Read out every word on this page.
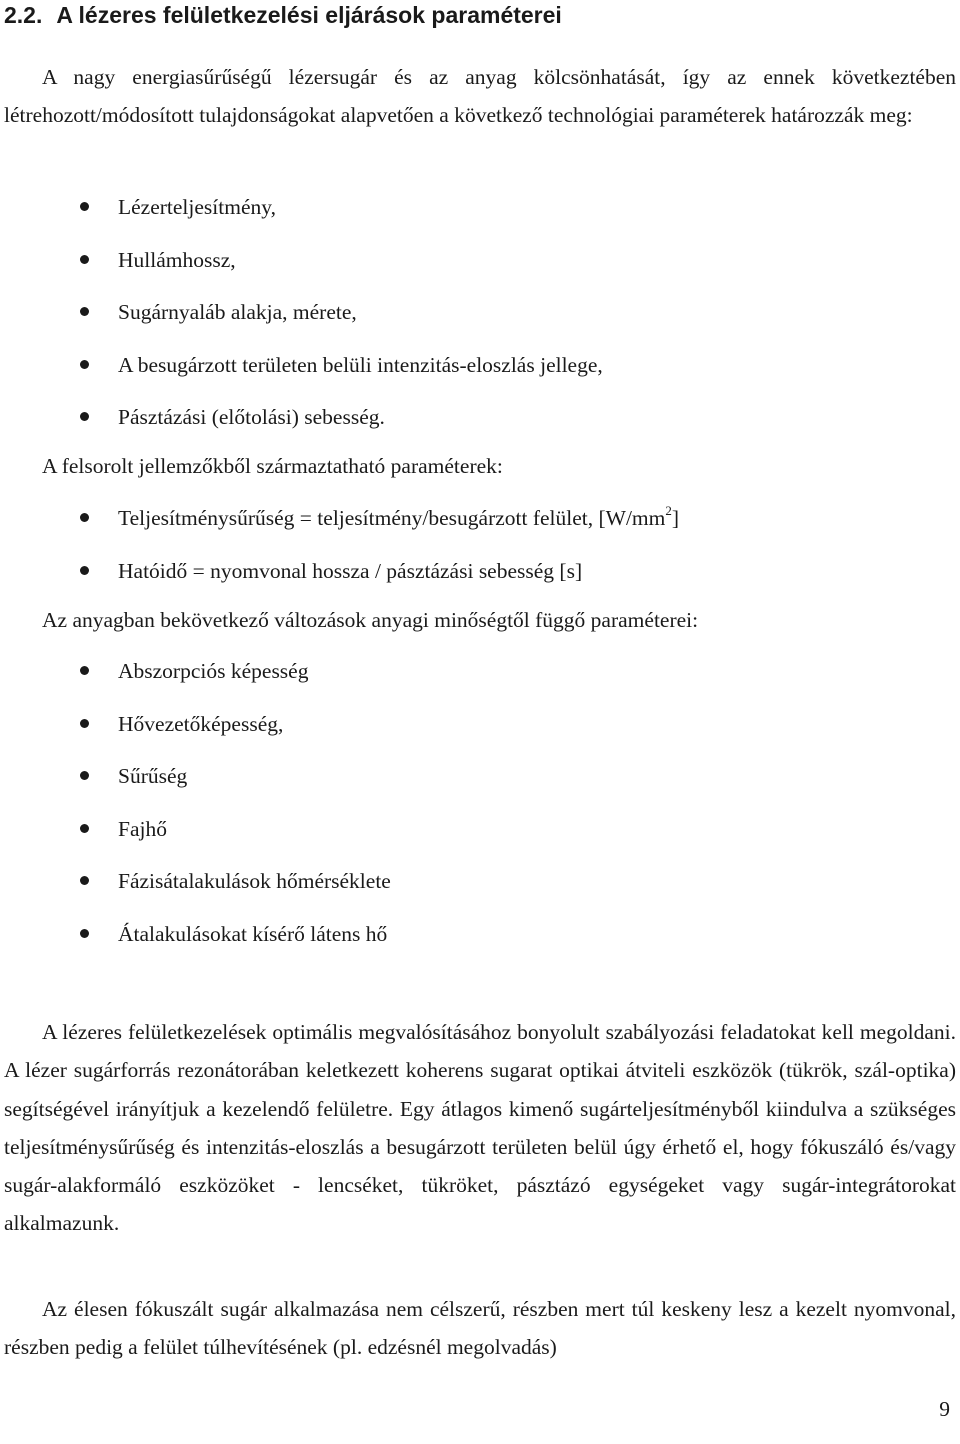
2.2. A lézeres felületkezelési eljárások paraméterei
A nagy energiasűrűségű lézersugár és az anyag kölcsönhatását, így az ennek következtében létrehozott/módosított tulajdonságokat alapvetően a következő technológiai paraméterek határozzák meg:
Lézerteljesítmény,
Hullámhossz,
Sugárnyaláb alakja, mérete,
A besugárzott területen belüli intenzitás-eloszlás jellege,
Pásztázási (előtolási) sebesség.
A felsorolt jellemzőkből származtatható paraméterek:
Teljesítménysűrűség = teljesítmény/besugárzott felület, $[W/mm^2]$
Hatóidő = nyomvonal hossza / pásztázási sebesség [s]
Az anyagban bekövetkező változások anyagi minőségtől függő paraméterei:
Abszorpciós képesség
Hővezetőképesség,
Sűrűség
Fajhő
Fázisátalakulások hőmérséklete
Átalakulásokat kísérő látens hő
A lézeres felületkezelések optimális megvalósításához bonyolult szabályozási feladatokat kell megoldani. A lézer sugárforrás rezonátorában keletkezett koherens sugarat optikai átviteli eszközök (tükrök, szál-optika) segítségével irányítjuk a kezelendő felületre. Egy átlagos kimenő sugárteljesítményből kiindulva a szükséges teljesítménysűrűség és intenzitás-eloszlás a besugárzott területen belül úgy érhető el, hogy fókuszáló és/vagy sugár-alakformáló eszközöket - lencséket, tükröket, pásztázó egységeket vagy sugár-integrátorokat alkalmazunk.
Az élesen fókuszált sugár alkalmazása nem célszerű, részben mert túl keskeny lesz a kezelt nyomvonal, részben pedig a felület túlhevítésének (pl. edzésnél megolvadás)
9
